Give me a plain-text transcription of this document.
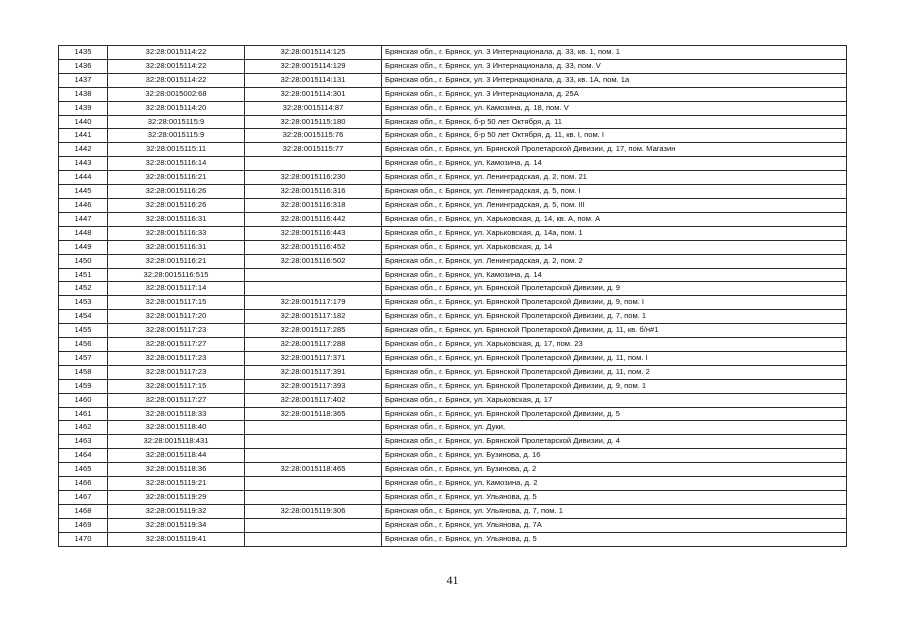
1435	32:28:0015114:22	32:28:0015114:125	Брянская обл., г. Брянск, ул. 3 Интернационала, д. 33, кв. 1, пом. 1
1436	32:28:0015114:22	32:28:0015114:129	Брянская обл., г. Брянск, ул. 3 Интернационала, д. 33, пом. V
1437	32:28:0015114:22	32:28:0015114:131	Брянская обл., г. Брянск, ул. 3 Интернационала, д. 33, кв. 1А, пом. 1а
1438	32:28:0015002:68	32:28:0015114:301	Брянская обл., г. Брянск, ул. 3 Интернационала, д. 25А
1439	32:28:0015114:20	32:28:0015114:87	Брянская обл., г. Брянск, ул. Камозина, д. 18, пом. V
1440	32:28:0015115:9	32:28:0015115:180	Брянская обл., г. Брянск, б-р 50 лет Октября, д. 11
1441	32:28:0015115:9	32:28:0015115:76	Брянская обл., г. Брянск, б-р 50 лет Октября, д. 11, кв. I, пом. I
1442	32:28:0015115:11	32:28:0015115:77	Брянская обл., г. Брянск, ул. Брянской Пролетарской Дивизии, д. 17, пом. Магазин
1443	32:28:0015116:14		Брянская обл., г. Брянск, ул. Камозина, д. 14
1444	32:28:0015116:21	32:28:0015116:230	Брянская обл., г. Брянск, ул. Ленинградская, д. 2, пом. 21
1445	32:28:0015116:26	32:28:0015116:316	Брянская обл., г. Брянск, ул. Ленинградская, д. 5, пом. I
1446	32:28:0015116:26	32:28:0015116:318	Брянская обл., г. Брянск, ул. Ленинградская, д. 5, пом. III
1447	32:28:0015116:31	32:28:0015116:442	Брянская обл., г. Брянск, ул. Харьковская, д. 14, кв. А, пом. А
1448	32:28:0015116:33	32:28:0015116:443	Брянская обл., г. Брянск, ул. Харьковская, д. 14а, пом. 1
1449	32:28:0015116:31	32:28:0015116:452	Брянская обл., г. Брянск, ул. Харьковская, д. 14
1450	32:28:0015116:21	32:28:0015116:502	Брянская обл., г. Брянск, ул. Ленинградская, д. 2, пом. 2
1451	32:28:0015116:515		Брянская обл., г. Брянск, ул. Камозина, д. 14
1452	32:28:0015117:14		Брянская обл., г. Брянск, ул. Брянской Пролетарской Дивизии, д. 9
1453	32:28:0015117:15	32:28:0015117:179	Брянская обл., г. Брянск, ул. Брянской Пролетарской Дивизии, д. 9, пом. I
1454	32:28:0015117:20	32:28:0015117:182	Брянская обл., г. Брянск, ул. Брянской Пролетарской Дивизии, д. 7, пом. 1
1455	32:28:0015117:23	32:28:0015117:285	Брянская обл., г. Брянск, ул. Брянской Пролетарской Дивизии, д. 11, кв. б/н#1
1456	32:28:0015117:27	32:28:0015117:288	Брянская обл., г. Брянск, ул. Харьковская, д. 17, пом. 23
1457	32:28:0015117:23	32:28:0015117:371	Брянская обл., г. Брянск, ул. Брянской Пролетарской Дивизии, д. 11, пом. I
1458	32:28:0015117:23	32:28:0015117:391	Брянская обл., г. Брянск, ул. Брянской Пролетарской Дивизии, д. 11, пом. 2
1459	32:28:0015117:15	32:28:0015117:393	Брянская обл., г. Брянск, ул. Брянской Пролетарской Дивизии, д. 9, пом. 1
1460	32:28:0015117:27	32:28:0015117:402	Брянская обл., г. Брянск, ул. Харьковская, д. 17
1461	32:28:0015118:33	32:28:0015118:365	Брянская обл., г. Брянск, ул. Брянской Пролетарской Дивизии, д. 5
1462	32:28:0015118:40		Брянская обл., г. Брянск, ул. Дуки,
1463	32:28:0015118:431		Брянская обл., г. Брянск, ул. Брянской Пролетарской Дивизии, д. 4
1464	32:28:0015118:44		Брянская обл., г. Брянск, ул. Бузинова, д. 16
1465	32:28:0015118:36	32:28:0015118:465	Брянская обл., г. Брянск, ул. Бузинова, д. 2
1466	32:28:0015119:21		Брянская обл., г. Брянск, ул. Камозина, д. 2
1467	32:28:0015119:29		Брянская обл., г. Брянск, ул. Ульянова, д. 5
1468	32:28:0015119:32	32:28:0015119:306	Брянская обл., г. Брянск, ул. Ульянова, д. 7, пом. 1
1469	32:28:0015119:34		Брянская обл., г. Брянск, ул. Ульянова, д. 7А
1470	32:28:0015119:41		Брянская обл., г. Брянск, ул. Ульянова, д. 5
41
